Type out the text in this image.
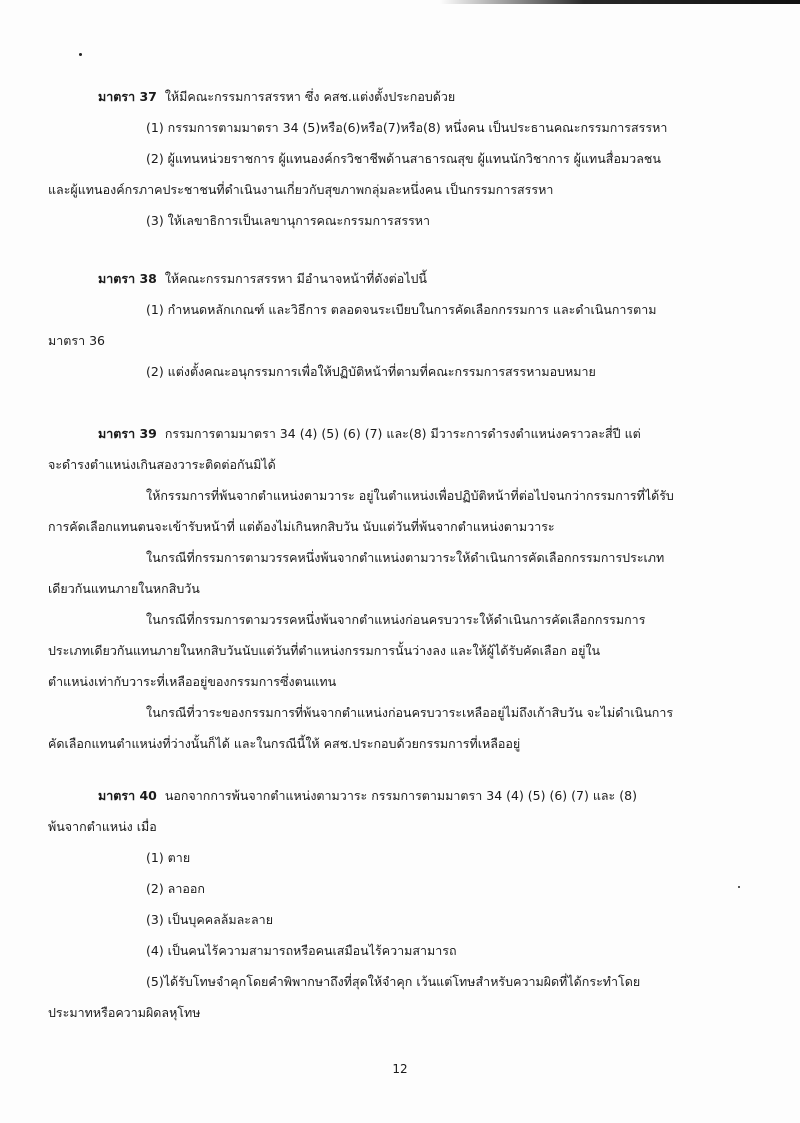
มาตรา 37 ให้มีคณะกรรมการสรรหา ซึ่ง คสช.แต่งตั้งประกอบด้วย
(1) กรรมการตามมาตรา 34 (5)หรือ(6)หรือ(7)หรือ(8) หนึ่งคน เป็นประธานคณะกรรมการสรรหา
(2) ผู้แทนหน่วยราชการ ผู้แทนองค์กรวิชาชีพด้านสาธารณสุข ผู้แทนนักวิชาการ ผู้แทนสื่อมวลชน
และผู้แทนองค์กรภาคประชาชนที่ดำเนินงานเกี่ยวกับสุขภาพกลุ่มละหนึ่งคน เป็นกรรมการสรรหา
(3) ให้เลขาธิการเป็นเลขานุการคณะกรรมการสรรหา
มาตรา 38 ให้คณะกรรมการสรรหา มีอำนาจหน้าที่ดังต่อไปนี้
(1) กำหนดหลักเกณฑ์ และวิธีการ ตลอดจนระเบียบในการคัดเลือกกรรมการ และดำเนินการตาม
มาตรา 36
(2) แต่งตั้งคณะอนุกรรมการเพื่อให้ปฏิบัติหน้าที่ตามที่คณะกรรมการสรรหามอบหมาย
มาตรา 39 กรรมการตามมาตรา 34 (4) (5) (6) (7) และ(8) มีวาระการดำรงตำแหน่งคราวละสี่ปี แต่
จะดำรงตำแหน่งเกินสองวาระติดต่อกันมิได้
ให้กรรมการที่พ้นจากตำแหน่งตามวาระ อยู่ในตำแหน่งเพื่อปฏิบัติหน้าที่ต่อไปจนกว่ากรรมการที่ได้รับ
การคัดเลือกแทนตนจะเข้ารับหน้าที่ แต่ต้องไม่เกินหกสิบวัน นับแต่วันที่พ้นจากตำแหน่งตามวาระ
ในกรณีที่กรรมการตามวรรคหนึ่งพ้นจากตำแหน่งตามวาระให้ดำเนินการคัดเลือกกรรมการประเภท
เดียวกันแทนภายในหกสิบวัน
ในกรณีที่กรรมการตามวรรคหนึ่งพ้นจากตำแหน่งก่อนครบวาระให้ดำเนินการคัดเลือกกรรมการ
ประเภทเดียวกันแทนภายในหกสิบวันนับแต่วันที่ตำแหน่งกรรมการนั้นว่างลง และให้ผู้ได้รับคัดเลือก อยู่ใน
ตำแหน่งเท่ากับวาระที่เหลืออยู่ของกรรมการซึ่งตนแทน
ในกรณีที่วาระของกรรมการที่พ้นจากตำแหน่งก่อนครบวาระเหลืออยู่ไม่ถึงเก้าสิบวัน จะไม่ดำเนินการ
คัดเลือกแทนตำแหน่งที่ว่างนั้นก็ได้ และในกรณีนี้ให้ คสช.ประกอบด้วยกรรมการที่เหลืออยู่
มาตรา 40 นอกจากการพ้นจากตำแหน่งตามวาระ กรรมการตามมาตรา 34 (4) (5) (6) (7) และ (8)
พ้นจากตำแหน่ง เมื่อ
(1) ตาย
(2) ลาออก
(3) เป็นบุคคลล้มละลาย
(4) เป็นคนไร้ความสามารถหรือคนเสมือนไร้ความสามารถ
(5)ได้รับโทษจำคุกโดยคำพิพากษาถึงที่สุดให้จำคุก เว้นแต่โทษสำหรับความผิดที่ได้กระทำโดย
ประมาทหรือความผิดลหุโทษ
12
